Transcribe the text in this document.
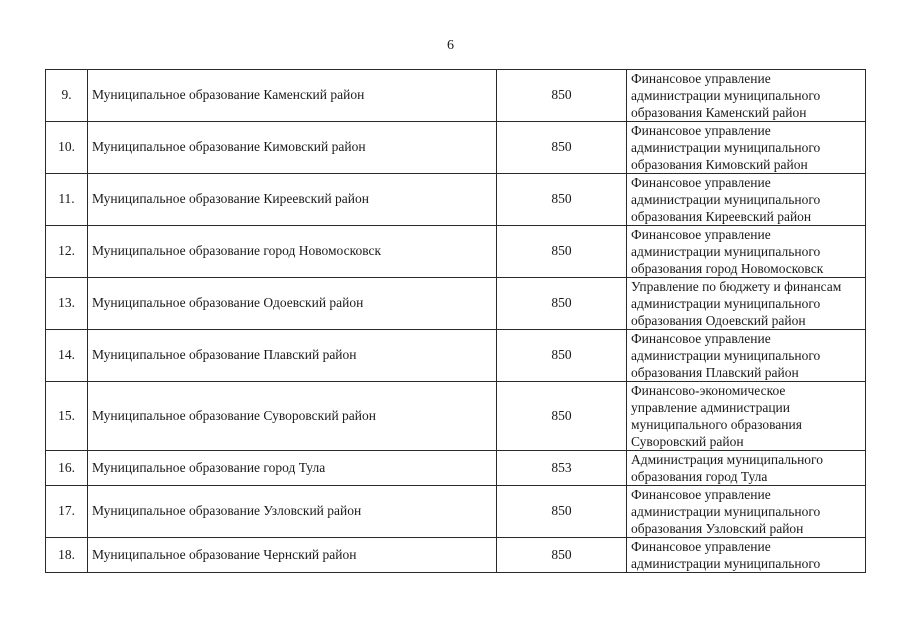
6
9.	Муниципальное образование Каменский район	850	Финансовое управление
администрации муниципального
образования Каменский район

10.	Муниципальное образование Кимовский район	850	Финансовое управление
администрации муниципального
образования Кимовский район

11.	Муниципальное образование Киреевский район	850	Финансовое управление
администрации муниципального
образования Киреевский район

12.	Муниципальное образование город Новомосковск	850	Финансовое управление
администрации муниципального
образования город Новомосковск

13.	Муниципальное образование Одоевский район	850	Управление по бюджету и финансам
администрации муниципального
образования Одоевский район

14.	Муниципальное образование Плавский район	850	Финансовое управление
администрации муниципального
образования Плавский район

15.	Муниципальное образование Суворовский район	850	Финансово-экономическое
управление администрации
муниципального образования
Суворовский район

16.	Муниципальное образование город Тула	853	Администрация муниципального
образования город Тула

17.	Муниципальное образование Узловский район	850	Финансовое управление
администрации муниципального
образования Узловский район

18.	Муниципальное образование Чернский район	850	Финансовое управление
администрации муниципального
